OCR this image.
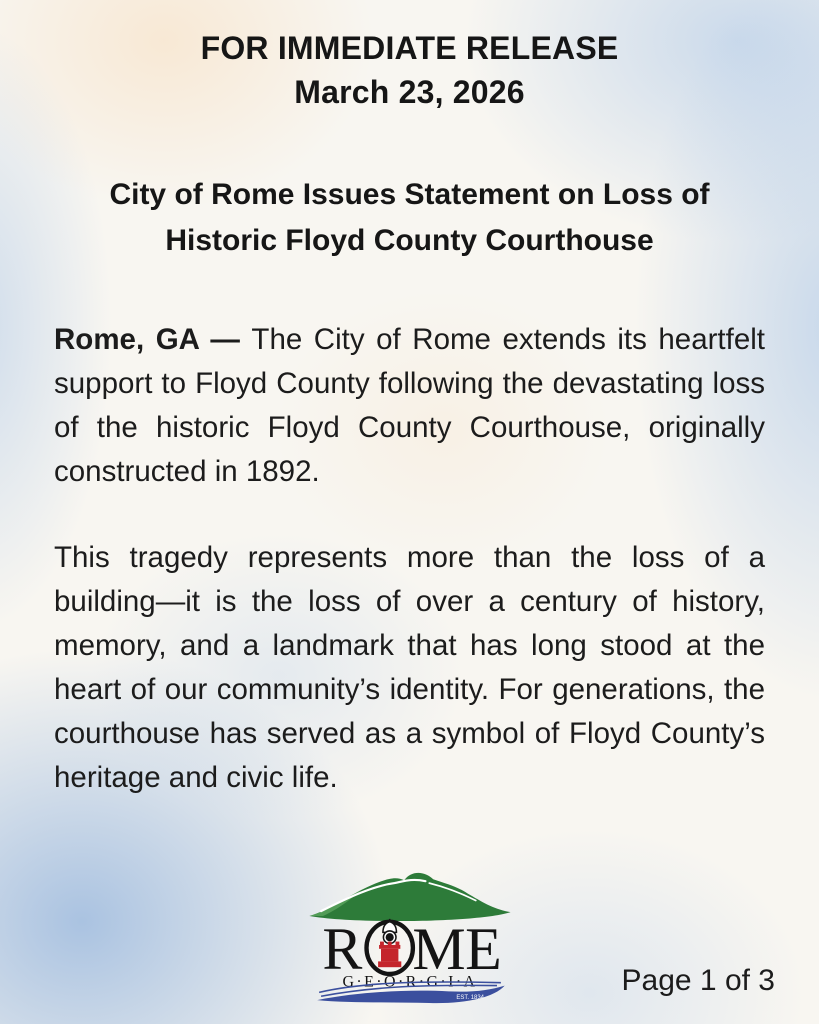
FOR IMMEDIATE RELEASE
March 23, 2026
City of Rome Issues Statement on Loss of
Historic Floyd County Courthouse

Rome, GA — The City of Rome extends its heartfelt support to Floyd County following the devastating loss of the historic Floyd County Courthouse, originally constructed in 1892.

This tragedy represents more than the loss of a building—it is the loss of over a century of history, memory, and a landmark that has long stood at the heart of our community’s identity. For generations, the courthouse has served as a symbol of Floyd County’s heritage and civic life.

R M E
G·E·O·R·G·I·A
EST. 1834
Page 1 of 3
